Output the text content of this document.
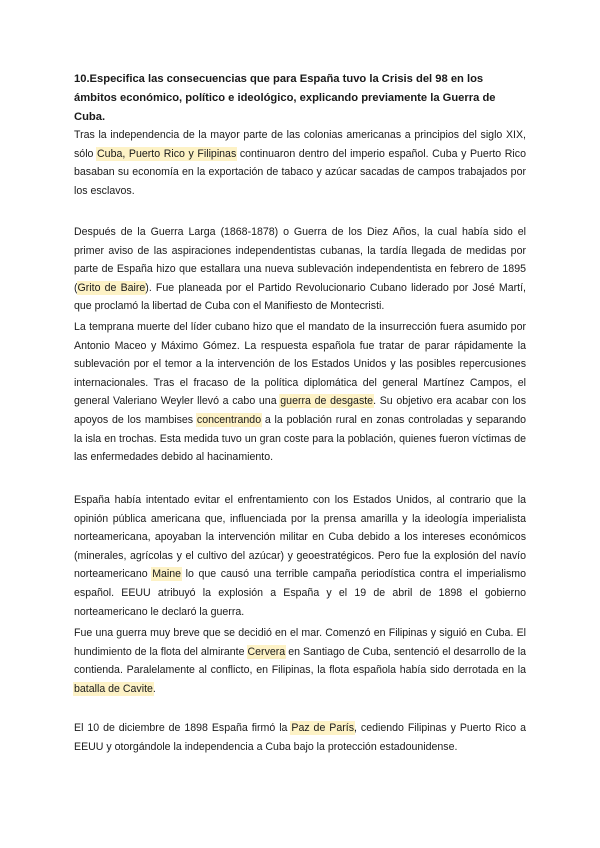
10.Especifica las consecuencias que para España tuvo la Crisis del 98 en los ámbitos económico, político e ideológico, explicando previamente la Guerra de Cuba.

Tras la independencia de la mayor parte de las colonias americanas a principios del siglo XIX, sólo Cuba, Puerto Rico y Filipinas continuaron dentro del imperio español. Cuba y Puerto Rico basaban su economía en la exportación de tabaco y azúcar sacadas de campos trabajados por los esclavos.

Después de la Guerra Larga (1868-1878) o Guerra de los Diez Años, la cual había sido el primer aviso de las aspiraciones independentistas cubanas, la tardía llegada de medidas por parte de España hizo que estallara una nueva sublevación independentista en febrero de 1895 (Grito de Baire). Fue planeada por el Partido Revolucionario Cubano liderado por José Martí, que proclamó la libertad de Cuba con el Manifiesto de Montecristi.

La temprana muerte del líder cubano hizo que el mandato de la insurrección fuera asumido por Antonio Maceo y Máximo Gómez. La respuesta española fue tratar de parar rápidamente la sublevación por el temor a la intervención de los Estados Unidos y las posibles repercusiones internacionales. Tras el fracaso de la política diplomática del general Martínez Campos, el general Valeriano Weyler llevó a cabo una guerra de desgaste. Su objetivo era acabar con los apoyos de los mambises concentrando a la población rural en zonas controladas y separando la isla en trochas. Esta medida tuvo un gran coste para la población, quienes fueron víctimas de las enfermedades debido al hacinamiento.

España había intentado evitar el enfrentamiento con los Estados Unidos, al contrario que la opinión pública americana que, influenciada por la prensa amarilla y la ideología imperialista norteamericana, apoyaban la intervención militar en Cuba debido a los intereses económicos (minerales, agrícolas y el cultivo del azúcar) y geoestratégicos. Pero fue la explosión del navío norteamericano Maine lo que causó una terrible campaña periodística contra el imperialismo español. EEUU atribuyó la explosión a España y el 19 de abril de 1898 el gobierno norteamericano le declaró la guerra.

Fue una guerra muy breve que se decidió en el mar. Comenzó en Filipinas y siguió en Cuba. El hundimiento de la flota del almirante Cervera en Santiago de Cuba, sentenció el desarrollo de la contienda. Paralelamente al conflicto, en Filipinas, la flota española había sido derrotada en la batalla de Cavite.

El 10 de diciembre de 1898 España firmó la Paz de París, cediendo Filipinas y Puerto Rico a EEUU y otorgándole la independencia a Cuba bajo la protección estadounidense.
